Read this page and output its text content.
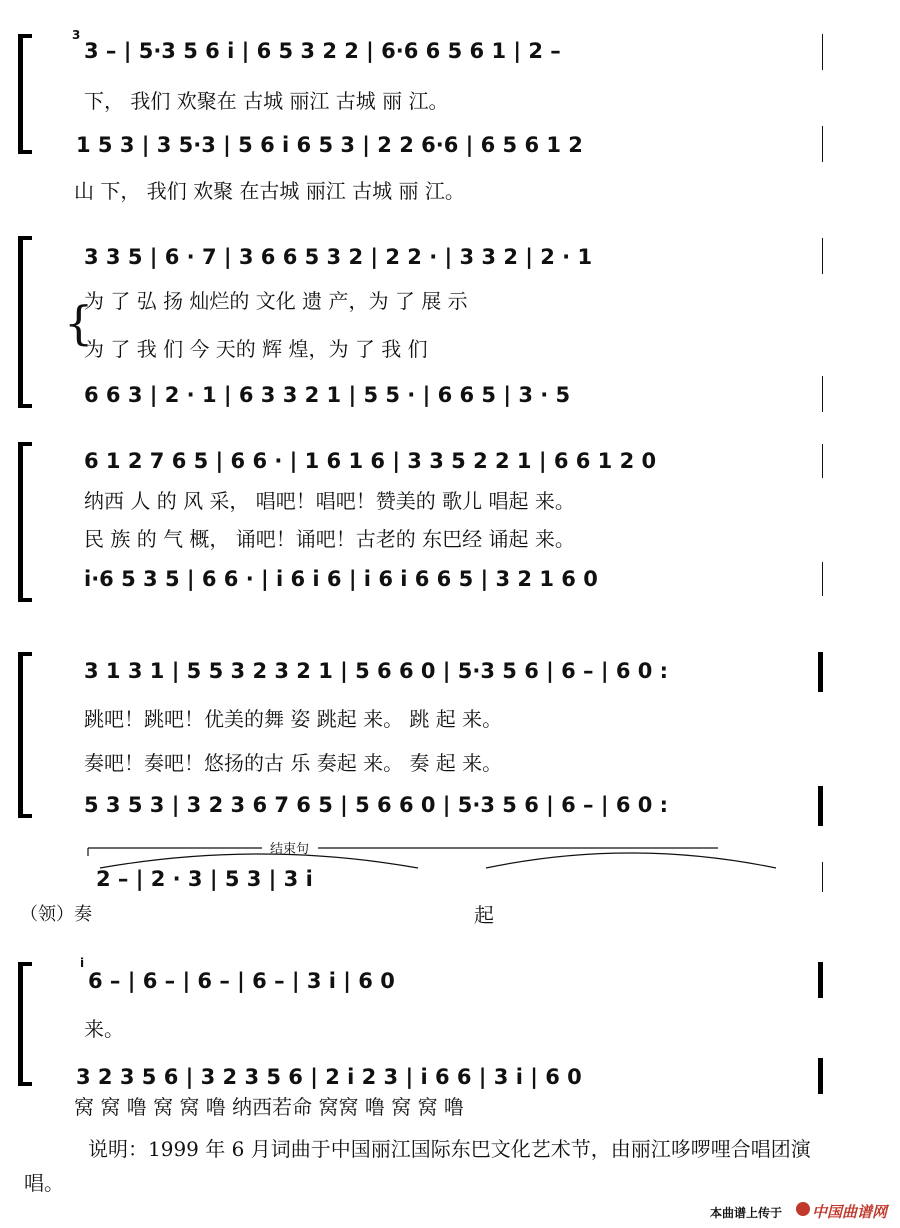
3
3 – | 5·3 5 6 i | 6 5 3 2 2 | 6·6 6 5 6 1 | 2 –
下， 我们 欢聚在 古城 丽江 古城 丽 江。
1 5 3 | 3 5·3 | 5 6 i 6 5 3 | 2 2 6·6 | 6 5 6 1 2
山 下， 我们 欢聚 在古城 丽江 古城 丽 江。
3 3 5 | 6 · 7 | 3 6 6 5 3 2 | 2 2 · | 3 3 2 | 2 · 1
为 了 弘 扬 灿烂的 文化 遗 产，为 了 展 示
{
为 了 我 们 今 天的 辉 煌，为 了 我 们
6 6 3 | 2 · 1 | 6 3 3 2 1 | 5 5 · | 6 6 5 | 3 · 5
6 1 2 7 6 5 | 6 6 · | 1 6 1 6 | 3 3 5 2 2 1 | 6 6 1 2 0
纳西 人 的 风 采， 唱吧！唱吧！赞美的 歌儿 唱起 来。
民 族 的 气 概， 诵吧！诵吧！古老的 东巴经 诵起 来。
i·6 5 3 5 | 6 6 · | i 6 i 6 | i 6 i 6 6 5 | 3 2 1 6 0
3 1 3 1 | 5 5 3 2 3 2 1 | 5 6 6 0 | 5·3 5 6 | 6 – | 6 0 :
跳吧！跳吧！优美的舞 姿 跳起 来。 跳 起 来。
奏吧！奏吧！悠扬的古 乐 奏起 来。 奏 起 来。
5 3 5 3 | 3 2 3 6 7 6 5 | 5 6 6 0 | 5·3 5 6 | 6 – | 6 0 :
结束句
2 – | 2 · 3 | 5 3 | 3 i
（领）奏	起
i
6 – | 6 – | 6 – | 6 – | 3 i | 6 0
来。
3 2 3 5 6 | 3 2 3 5 6 | 2 i 2 3 | i 6 6 | 3 i | 6 0
窝 窝 噜 窝 窝 噜 纳西若命 窝窝 噜 窝 窝 噜
说明：1999 年 6 月词曲于中国丽江国际东巴文化艺术节，由丽江哆啰哩合唱团演唱。
本曲谱上传于 中国曲谱网
